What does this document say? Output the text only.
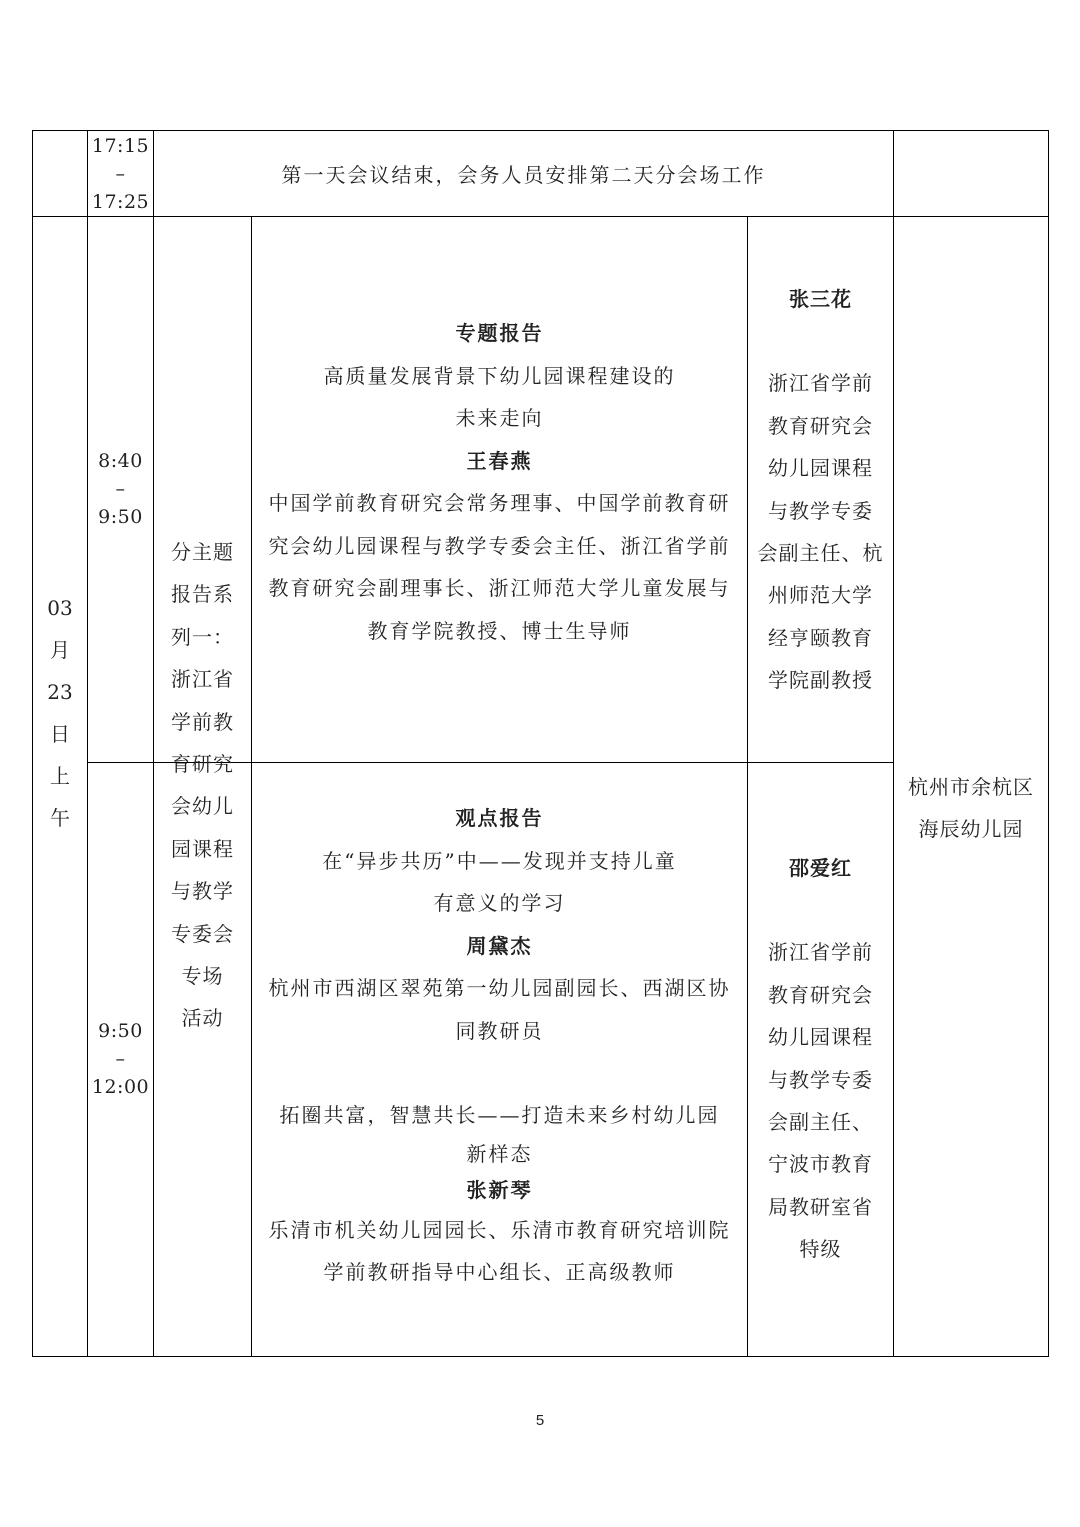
17:15
–
17:25
第一天会议结束，会务人员安排第二天分会场工作
03
月
23
日
上
午
8:40
–
9:50
9:50
–
12:00
分主题
报告系
列一：
浙江省
学前教
育研究
会幼儿
园课程
与教学
专委会
专场
活动
专题报告
高质量发展背景下幼儿园课程建设的
未来走向
王春燕
中国学前教育研究会常务理事、中国学前教育研
究会幼儿园课程与教学专委会主任、浙江省学前
教育研究会副理事长、浙江师范大学儿童发展与
教育学院教授、博士生导师
张三花
浙江省学前
教育研究会
幼儿园课程
与教学专委
会副主任、杭
州师范大学
经亨颐教育
学院副教授
观点报告
在“异步共历”中——发现并支持儿童
有意义的学习
周黛杰
杭州市西湖区翠苑第一幼儿园副园长、西湖区协
同教研员
拓圈共富，智慧共长——打造未来乡村幼儿园
新样态
张新琴
乐清市机关幼儿园园长、乐清市教育研究培训院
学前教研指导中心组长、正高级教师
邵爱红
浙江省学前
教育研究会
幼儿园课程
与教学专委
会副主任、
宁波市教育
局教研室省
特级
杭州市余杭区
海辰幼儿园
5
